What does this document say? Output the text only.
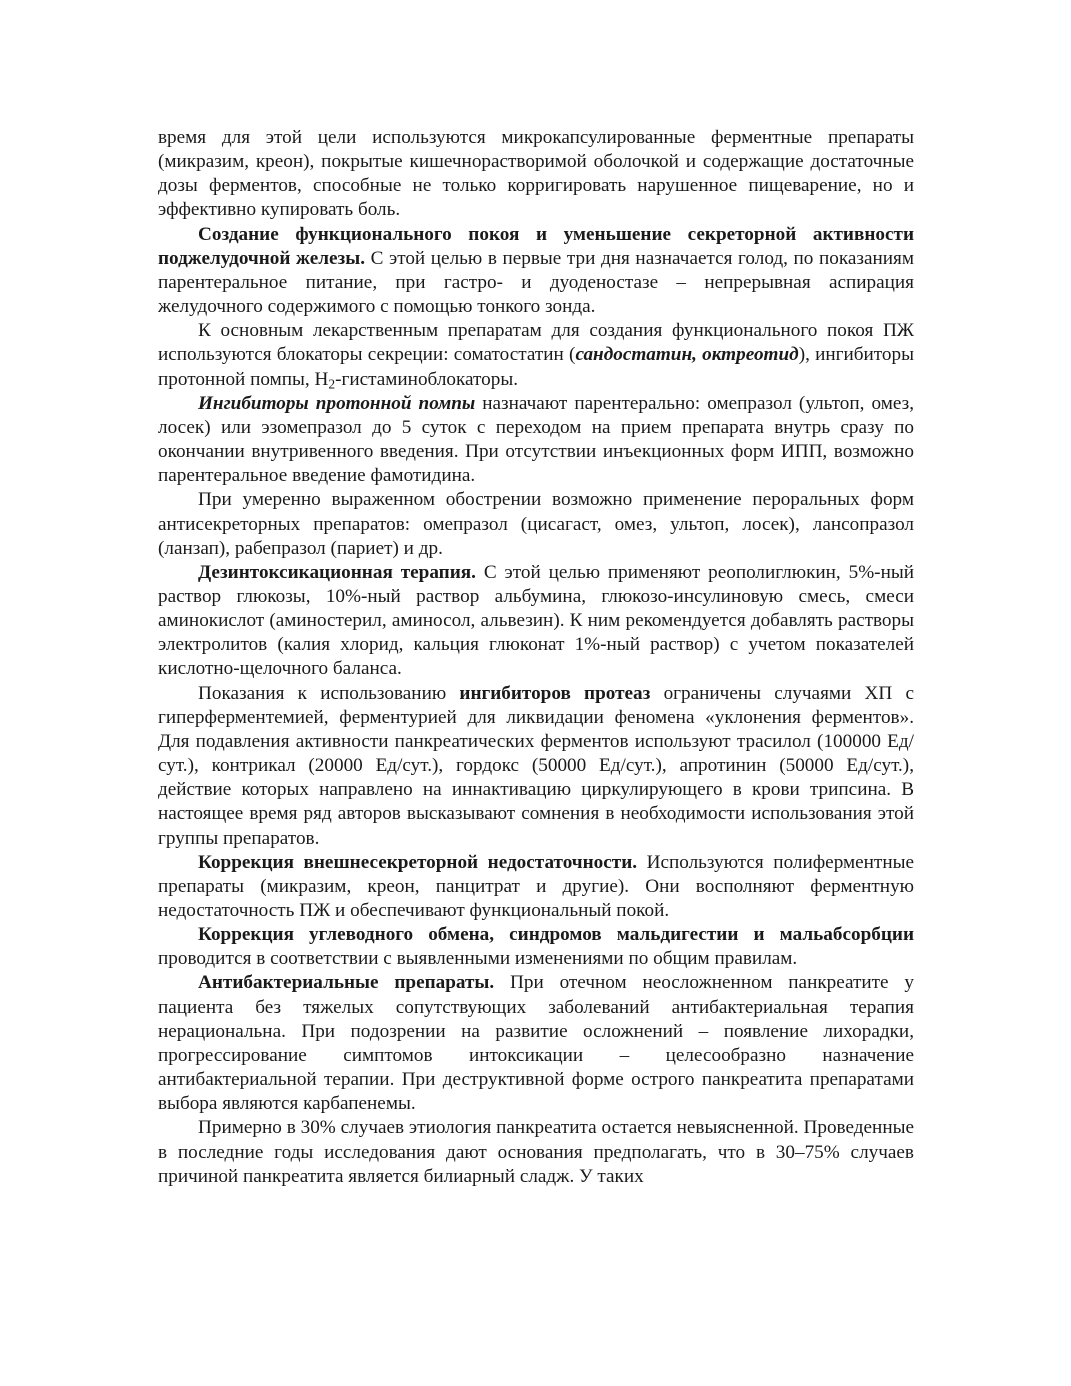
время для этой цели используются микрокапсулированные ферментные препараты (микразим, креон), покрытые кишечнорастворимой оболочкой и содержащие достаточные дозы ферментов, способные не только корригировать нарушенное пищеварение, но и эффективно купировать боль.

Создание функционального покоя и уменьшение секреторной активности поджелудочной железы. С этой целью в первые три дня назначается голод, по показаниям парентеральное питание, при гастро- и дуоденостазе – непрерывная аспирация желудочного содержимого с помощью тонкого зонда.

К основным лекарственным препаратам для создания функционального покоя ПЖ используются блокаторы секреции: соматостатин (сандостатин, октреотид), ингибиторы протонной помпы, $Н_2$-гистаминоблокаторы.

Ингибиторы протонной помпы назначают парентерально: омепразол (ультоп, омез, лосек) или эзомепразол до 5 суток с переходом на прием препарата внутрь сразу по окончании внутривенного введения. При отсутствии инъекционных форм ИПП, возможно парентеральное введение фамотидина.

При умеренно выраженном обострении возможно применение пероральных форм антисекреторных препаратов: омепразол (цисагаст, омез, ультоп, лосек), лансопразол (ланзап), рабепразол (париет) и др.

Дезинтоксикационная терапия. С этой целью применяют реополиглюкин, 5%-ный раствор глюкозы, 10%-ный раствор альбумина, глюкозо-инсулиновую смесь, смеси аминокислот (аминостерил, аминосол, альвезин). К ним рекомендуется добавлять растворы электролитов (калия хлорид, кальция глюконат 1%-ный раствор) с учетом показателей кислотно-щелочного баланса.

Показания к использованию ингибиторов протеаз ограничены случаями ХП с гиперферментемией, ферментурией для ликвидации феномена «уклонения ферментов». Для подавления активности панкреатических ферментов используют трасилол (100000 Ед/сут.), контрикал (20000 Ед/сут.), гордокс (50000 Ед/сут.), апротинин (50000 Ед/сут.), действие которых направлено на иннактивацию циркулирующего в крови трипсина. В настоящее время ряд авторов высказывают сомнения в необходимости использования этой группы препаратов.

Коррекция внешнесекреторной недостаточности. Используются полиферментные препараты (микразим, креон, панцитрат и другие). Они восполняют ферментную недостаточность ПЖ и обеспечивают функциональный покой.

Коррекция углеводного обмена, синдромов мальдигестии и мальабсорбции проводится в соответствии с выявленными изменениями по общим правилам.

Антибактериальные препараты. При отечном неосложненном панкреатите у пациента без тяжелых сопутствующих заболеваний антибактериальная терапия нерациональна. При подозрении на развитие осложнений – появление лихорадки, прогрессирование симптомов интоксикации – целесообразно назначение антибактериальной терапии. При деструктивной форме острого панкреатита препаратами выбора являются карбапенемы.

Примерно в 30% случаев этиология панкреатита остается невыясненной. Проведенные в последние годы исследования дают основания предполагать, что в 30–75% случаев причиной панкреатита является билиарный сладж. У таких
